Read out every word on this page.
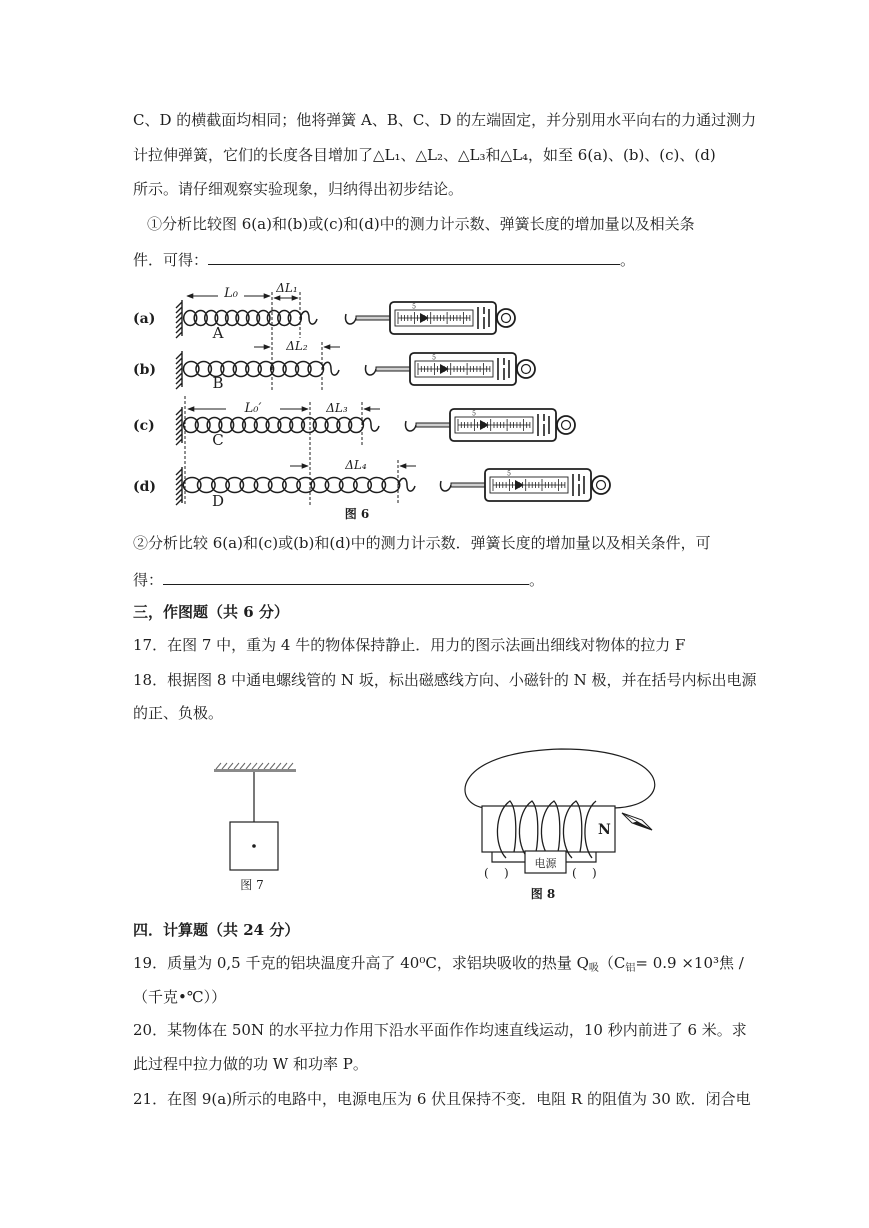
C、D 的横截面均相同；他将弹簧 A、B、C、D 的左端固定，并分别用水平向右的力通过测力
计拉伸弹簧，它们的长度各目增加了△L₁、△L₂、△L₃和△L₄，如至 6(a)、(b)、(c)、(d)
所示。请仔细观察实验现象，归纳得出初步结论。
①分析比较图 6(a)和(b)或(c)和(d)中的测力计示数、弹簧长度的增加量以及相关条
件．可得：	。
5
5
5
5
(a)
(b)
(c)
(d)
A
B
C
D
L₀	ΔL₁
ΔL₂
L₀′	ΔL₃
ΔL₄
图 6
②分析比较 6(a)和(c)或(b)和(d)中的测力计示数．弹簧长度的增加量以及相关条件，可
得：	。
三，作图题（共 6 分）
17．在图 7 中，重为 4 牛的物体保持静止．用力的图示法画出细线对物体的拉力 F
18．根据图 8 中通电螺线管的 N 坂，标出磁感线方向、小磁针的 N 极，并在括号内标出电源
的正、负极。
图 7
N
电源
(    )	(    )
图 8
四．计算题（共 24 分）
19．质量为 0,5 千克的铝块温度升高了 40⁰C，求铝块吸收的热量 $Q_吸(C_铝= 0.9 \times 10^3$焦 /
（千克•℃））
20．某物体在 50N 的水平拉力作用下沿水平面作作均速直线运动，10 秒内前进了 6 米。求
此过程中拉力做的功 W 和功率 P。
21．在图 9(a)所示的电路中，电源电压为 6 伏且保持不变．电阻 R 的阻值为 30 欧．闭合电
